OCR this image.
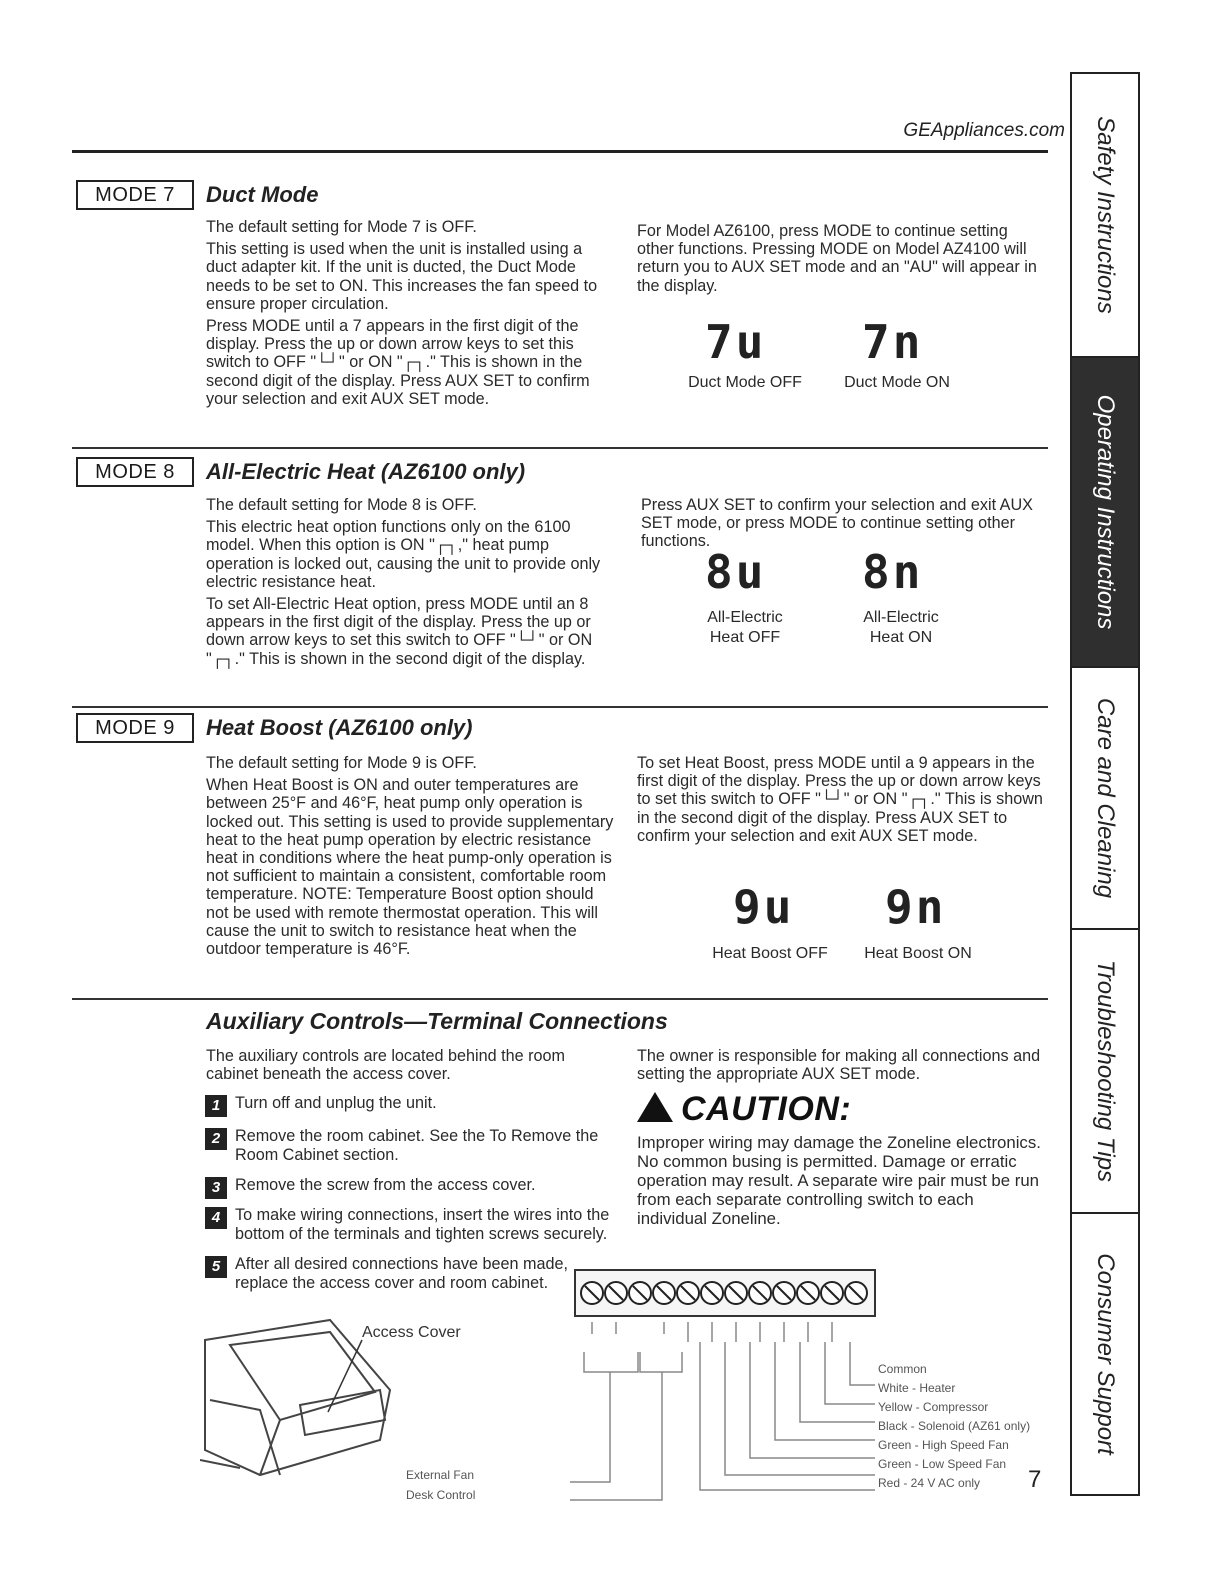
GEAppliances.com
MODE 7	Duct Mode

The default setting for Mode 7 is OFF.

This setting is used when the unit is installed using a duct adapter kit. If the unit is ducted, the Duct Mode needs to be set to ON. This increases the fan speed to ensure proper circulation.

Press MODE until a 7 appears in the first digit of the display. Press the up or down arrow keys to set this switch to OFF "└┘" or ON "┌┐." This is shown in the second digit of the display. Press AUX SET to confirm your selection and exit AUX SET mode.

For Model AZ6100, press MODE to continue setting other functions. Pressing MODE on Model AZ4100 will return you to AUX SET mode and an "AU" will appear in the display.
7u 7n
Duct Mode OFF	Duct Mode ON
MODE 8	All-Electric Heat (AZ6100 only)

The default setting for Mode 8 is OFF.

This electric heat option functions only on the 6100 model. When this option is ON "┌┐," heat pump operation is locked out, causing the unit to provide only electric resistance heat.

To set All-Electric Heat option, press MODE until an 8 appears in the first digit of the display. Press the up or down arrow keys to set this switch to OFF "└┘" or ON "┌┐." This is shown in the second digit of the display.

Press AUX SET to confirm your selection and exit AUX SET mode, or press MODE to continue setting other functions.
8u 8n
All-Electric
Heat OFF
All-Electric
Heat ON
MODE 9	Heat Boost (AZ6100 only)

The default setting for Mode 9 is OFF.

When Heat Boost is ON and outer temperatures are between 25°F and 46°F, heat pump only operation is locked out. This setting is used to provide supplementary heat to the heat pump operation by electric resistance heat in conditions where the heat pump-only operation is not sufficient to maintain a consistent, comfortable room temperature. NOTE: Temperature Boost option should not be used with remote thermostat operation. This will cause the unit to switch to resistance heat when the outdoor temperature is 46°F.

To set Heat Boost, press MODE until a 9 appears in the first digit of the display. Press the up or down arrow keys to set this switch to OFF "└┘" or ON "┌┐." This is shown in the second digit of the display. Press AUX SET to confirm your selection and exit AUX SET mode.
9u 9n
Heat Boost OFF	Heat Boost ON
Auxiliary Controls—Terminal Connections
The auxiliary controls are located behind the room cabinet beneath the access cover.
1 Turn off and unplug the unit.
2 Remove the room cabinet. See the To Remove the Room Cabinet section.
3 Remove the screw from the access cover.
4 To make wiring connections, insert the wires into the bottom of the terminals and tighten screws securely.
5 After all desired connections have been made, replace the access cover and room cabinet.
The owner is responsible for making all connections and setting the appropriate AUX SET mode.
CAUTION:
Improper wiring may damage the Zoneline electronics. No common busing is permitted. Damage or erratic operation may result. A separate wire pair must be run from each separate controlling switch to each individual Zoneline.
Access Cover
External Fan
Desk Control
Common
White - Heater
Yellow - Compressor
Black - Solenoid (AZ61 only)
Green - High Speed Fan
Green - Low Speed Fan
Red - 24 V AC only	7
Safety Instructions
Operating Instructions
Care and Cleaning
Troubleshooting Tips
Consumer Support
